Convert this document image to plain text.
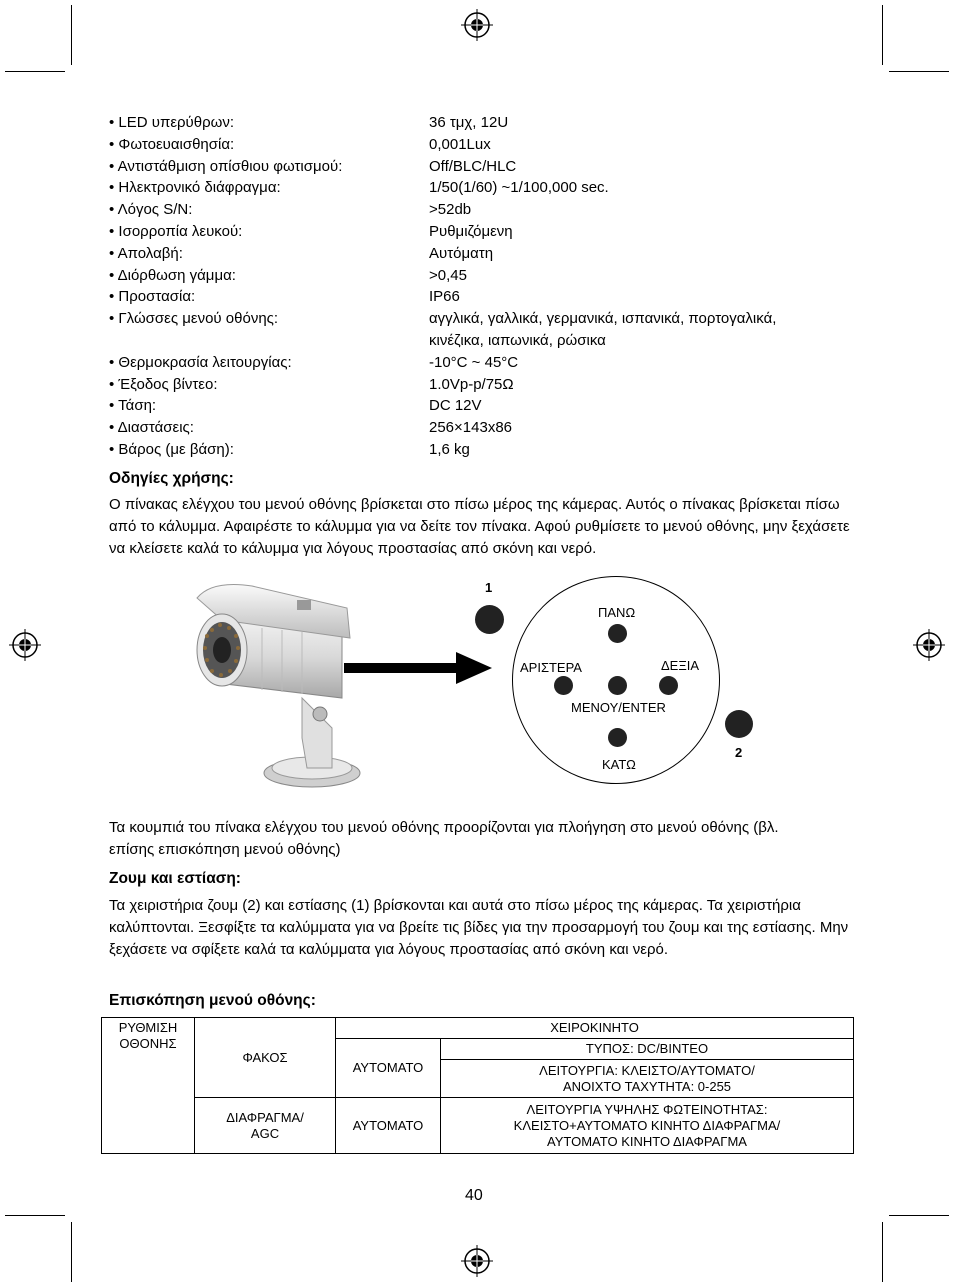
• LED υπερύθρων:	36 τμχ, 12U
• Φωτοευαισθησία:	0,001Lux
• Αντιστάθμιση οπίσθιου φωτισμού:	Off/BLC/HLC
• Ηλεκτρονικό διάφραγμα:	1/50(1/60) ~1/100,000 sec.
• Λόγος S/N:	>52db
• Ισορροπία λευκού:	Ρυθμιζόμενη
• Απολαβή:	Αυτόματη
• Διόρθωση γάμμα:	>0,45
• Προστασία:	IP66
• Γλώσσες μενού οθόνης:	αγγλικά, γαλλικά, γερμανικά, ισπανικά, πορτογαλικά, κινέζικα, ιαπωνικά, ρώσικα
• Θερμοκρασία λειτουργίας:	-10°C ~ 45°C
• Έξοδος βίντεο:	1.0Vp-p/75Ω
• Τάση:	DC 12V
• Διαστάσεις:	256×143x86
• Βάρος (με βάση):	1,6 kg
Οδηγίες χρήσης:

Ο πίνακας ελέγχου του μενού οθόνης βρίσκεται στο πίσω μέρος της κάμερας. Αυτός ο πίνακας βρίσκεται πίσω από το κάλυμμα. Αφαιρέστε το κάλυμμα για να δείτε τον πίνακα. Αφού ρυθμίσετε το μενού οθόνης, μην ξεχάσετε να κλείσετε καλά το κάλυμμα για λόγους προστασίας από σκόνη και νερό.

1
ΠΑΝΩ
ΑΡΙΣΤΕΡΑ	ΔΕΞΙΑ
ΜΕΝΟΥ/ENTER
ΚΑΤΩ
2

Τα κουμπιά του πίνακα ελέγχου του μενού οθόνης προορίζονται για πλοήγηση στο μενού οθόνης (βλ. επίσης επισκόπηση μενού οθόνης)

Ζουμ και εστίαση:

Τα χειριστήρια ζουμ (2) και εστίασης (1) βρίσκονται και αυτά στο πίσω μέρος της κάμερας. Τα χειριστήρια καλύπτονται. Ξεσφίξτε τα καλύμματα για να βρείτε τις βίδες για την προσαρμογή του ζουμ και της εστίασης. Μην ξεχάσετε να σφίξετε καλά τα καλύμματα για λόγους προστασίας από σκόνη και νερό.

Επισκόπηση μενού οθόνης:
ΡΥΘΜΙΣΗ ΟΘΟΝΗΣ	ΦΑΚΟΣ	ΧΕΙΡΟΚΙΝΗΤΟ	
		ΑΥΤΟΜΑΤΟ	ΤΥΠΟΣ: DC/ΒΙΝΤΕΟ
			ΛΕΙΤΟΥΡΓΙΑ: ΚΛΕΙΣΤΟ/ΑΥΤΟΜΑΤΟ/ ΑΝΟΙΧΤΟ ΤΑΧΥΤΗΤΑ: 0-255
	ΔΙΑΦΡΑΓΜΑ/ AGC	ΑΥΤΟΜΑΤΟ	ΛΕΙΤΟΥΡΓΙΑ ΥΨΗΛΗΣ ΦΩΤΕΙΝΟΤΗΤΑΣ: ΚΛΕΙΣΤΟ+ΑΥΤΟΜΑΤΟ ΚΙΝΗΤΟ ΔΙΑΦΡΑΓΜΑ/ΑΥΤΟΜΑΤΟ ΚΙΝΗΤΟ ΔΙΑΦΡΑΓΜΑ
40
